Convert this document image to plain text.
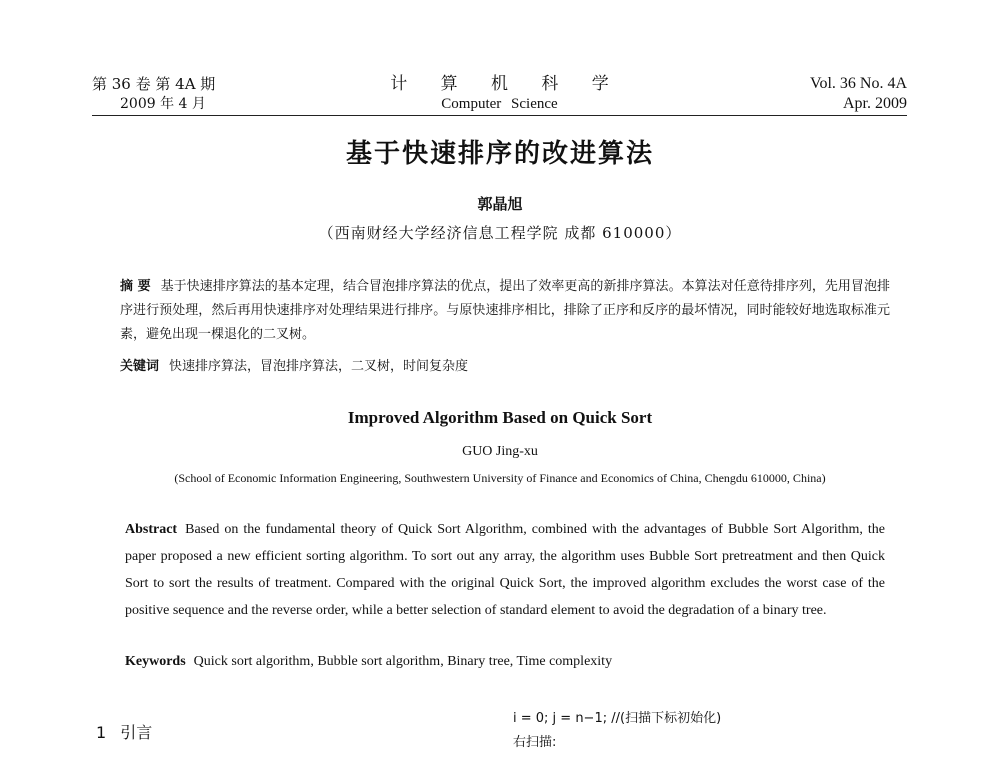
第 36 卷 第 4A 期
2009 年 4 月
计 算 机 科 学
Computer Science
Vol. 36 No. 4A
Apr. 2009
基于快速排序的改进算法
郭晶旭
（西南财经大学经济信息工程学院 成都 610000）
摘 要 基于快速排序算法的基本定理，结合冒泡排序算法的优点，提出了效率更高的新排序算法。本算法对任意待排序列，先用冒泡排序进行预处理，然后再用快速排序对处理结果进行排序。与原快速排序相比，排除了正序和反序的最坏情况，同时能较好地选取标准元素，避免出现一棵退化的二叉树。
关键词 快速排序算法，冒泡排序算法，二叉树，时间复杂度
Improved Algorithm Based on Quick Sort
GUO Jing-xu
(School of Economic Information Engineering, Southwestern University of Finance and Economics of China, Chengdu 610000, China)
Abstract Based on the fundamental theory of Quick Sort Algorithm, combined with the advantages of Bubble Sort Algorithm, the paper proposed a new efficient sorting algorithm. To sort out any array, the algorithm uses Bubble Sort pretreatment and then Quick Sort to sort the results of treatment. Compared with the original Quick Sort, the improved algorithm excludes the worst case of the positive sequence and the reverse order, while a better selection of standard element to avoid the degradation of a binary tree.
Keywords Quick sort algorithm, Bubble sort algorithm, Binary tree, Time complexity
1 引言
i = 0; j = n−1; //(扫描下标初始化)
右扫描:
